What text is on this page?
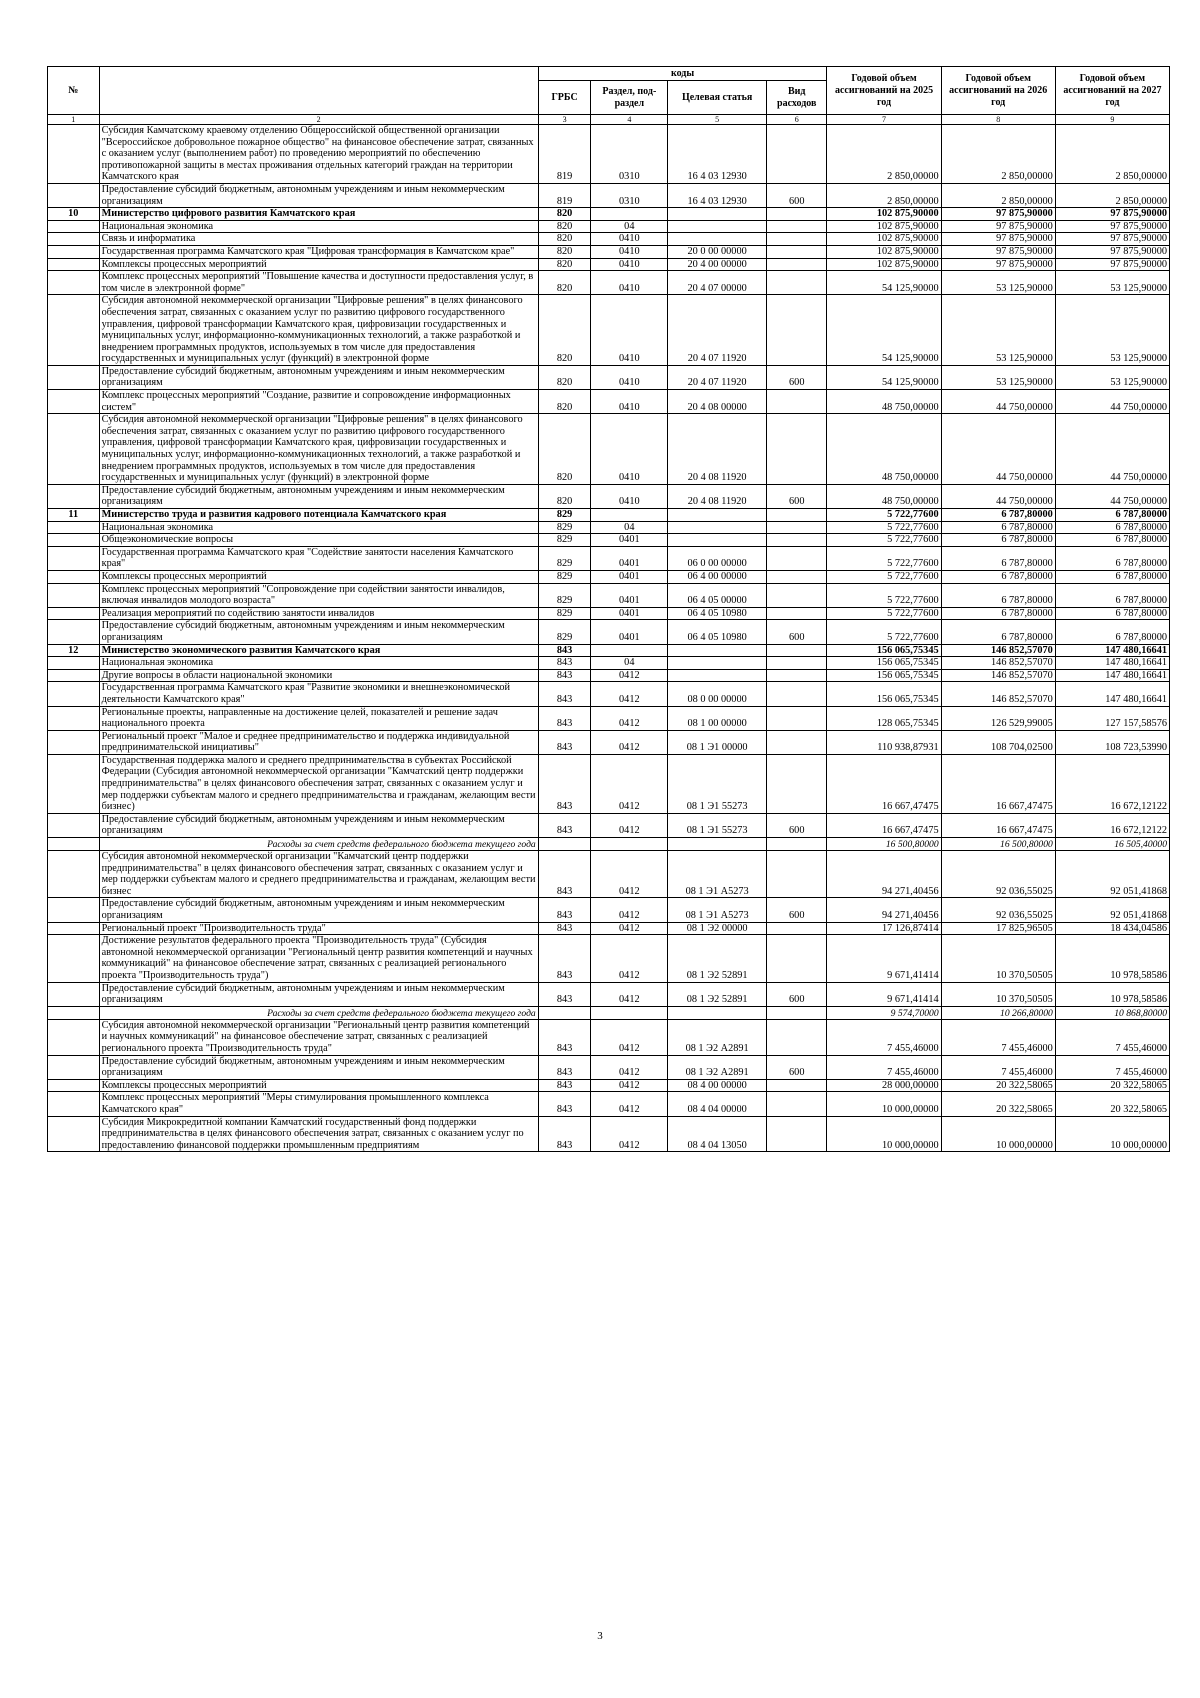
№		коды				Годовой объем ассигнований на 2025 год	Годовой объем ассигнований на 2026 год	Годовой объем ассигнований на 2027 год
		ГРБС	Раздел, под-раздел	Целевая статья	Вид расходов			
1	2	3	4	5	6	7	8	9
	Субсидия Камчатскому краевому отделению Общероссийской общественной организации "Всероссийское добровольное пожарное общество" на финансовое обеспечение затрат, связанных с оказанием услуг (выполнением работ) по проведению мероприятий по обеспечению противопожарной защиты в местах проживания отдельных категорий граждан на территории Камчатского края	819	0310	16 4 03 12930		2 850,00000	2 850,00000	2 850,00000
	Предоставление субсидий бюджетным, автономным учреждениям и иным некоммерческим организациям	819	0310	16 4 03 12930	600	2 850,00000	2 850,00000	2 850,00000
10	Министерство цифрового развития Камчатского края	820				102 875,90000	97 875,90000	97 875,90000
	Национальная экономика	820	04			102 875,90000	97 875,90000	97 875,90000
	Связь и информатика	820	0410			102 875,90000	97 875,90000	97 875,90000
	Государственная программа Камчатского края "Цифровая трансформация в Камчатском крае"	820	0410	20 0 00 00000		102 875,90000	97 875,90000	97 875,90000
	Комплексы процессных мероприятий	820	0410	20 4 00 00000		102 875,90000	97 875,90000	97 875,90000
	Комплекс процессных мероприятий "Повышение качества и доступности предоставления услуг, в том числе в электронной форме"	820	0410	20 4 07 00000		54 125,90000	53 125,90000	53 125,90000
	Субсидия автономной некоммерческой организации "Цифровые решения" в целях финансового обеспечения затрат, связанных с оказанием услуг по развитию цифрового государственного управления, цифровой трансформации Камчатского края, цифровизации государственных и муниципальных услуг, информационно-коммуникационных технологий, а также разработкой и внедрением программных продуктов, используемых в том числе для предоставления государственных и муниципальных услуг (функций) в электронной форме	820	0410	20 4 07 11920		54 125,90000	53 125,90000	53 125,90000
	Предоставление субсидий бюджетным, автономным учреждениям и иным некоммерческим организациям	820	0410	20 4 07 11920	600	54 125,90000	53 125,90000	53 125,90000
	Комплекс процессных мероприятий "Создание, развитие и сопровождение информационных систем"	820	0410	20 4 08 00000		48 750,00000	44 750,00000	44 750,00000
	Субсидия автономной некоммерческой организации "Цифровые решения" в целях финансового обеспечения затрат, связанных с оказанием услуг по развитию цифрового государственного управления, цифровой трансформации Камчатского края, цифровизации государственных и муниципальных услуг, информационно-коммуникационных технологий, а также разработкой и внедрением программных продуктов, используемых в том числе для предоставления государственных и муниципальных услуг (функций) в электронной форме	820	0410	20 4 08 11920		48 750,00000	44 750,00000	44 750,00000
	Предоставление субсидий бюджетным, автономным учреждениям и иным некоммерческим организациям	820	0410	20 4 08 11920	600	48 750,00000	44 750,00000	44 750,00000
11	Министерство труда и развития кадрового потенциала Камчатского края	829				5 722,77600	6 787,80000	6 787,80000
	Национальная экономика	829	04			5 722,77600	6 787,80000	6 787,80000
	Общеэкономические вопросы	829	0401			5 722,77600	6 787,80000	6 787,80000
	Государственная программа Камчатского края "Содействие занятости населения Камчатского края"	829	0401	06 0 00 00000		5 722,77600	6 787,80000	6 787,80000
	Комплексы процессных мероприятий	829	0401	06 4 00 00000		5 722,77600	6 787,80000	6 787,80000
	Комплекс процессных мероприятий "Сопровождение при содействии занятости инвалидов, включая инвалидов молодого возраста"	829	0401	06 4 05 00000		5 722,77600	6 787,80000	6 787,80000
	Реализация мероприятий по содействию занятости инвалидов	829	0401	06 4 05 10980		5 722,77600	6 787,80000	6 787,80000
	Предоставление субсидий бюджетным, автономным учреждениям и иным некоммерческим организациям	829	0401	06 4 05 10980	600	5 722,77600	6 787,80000	6 787,80000
12	Министерство экономического развития Камчатского края	843				156 065,75345	146 852,57070	147 480,16641
	Национальная экономика	843	04			156 065,75345	146 852,57070	147 480,16641
	Другие вопросы в области национальной экономики	843	0412			156 065,75345	146 852,57070	147 480,16641
	Государственная программа Камчатского края "Развитие экономики и внешнеэкономической деятельности Камчатского края"	843	0412	08 0 00 00000		156 065,75345	146 852,57070	147 480,16641
	Региональные проекты, направленные на достижение целей, показателей и решение задач национального проекта	843	0412	08 1 00 00000		128 065,75345	126 529,99005	127 157,58576
	Региональный проект "Малое и среднее предпринимательство и поддержка индивидуальной предпринимательской инициативы"	843	0412	08 1 Э1 00000		110 938,87931	108 704,02500	108 723,53990
	Государственная поддержка малого и среднего предпринимательства в субъектах Российской Федерации (Субсидия автономной некоммерческой организации "Камчатский центр поддержки предпринимательства" в целях финансового обеспечения затрат, связанных с оказанием услуг и мер поддержки субъектам малого и среднего предпринимательства и гражданам, желающим вести бизнес)	843	0412	08 1 Э1 55273		16 667,47475	16 667,47475	16 672,12122
	Предоставление субсидий бюджетным, автономным учреждениям и иным некоммерческим организациям	843	0412	08 1 Э1 55273	600	16 667,47475	16 667,47475	16 672,12122
	Расходы за счет средств федерального бюджета текущего года					16 500,80000	16 500,80000	16 505,40000
	Субсидия автономной некоммерческой организации "Камчатский центр поддержки предпринимательства" в целях финансового обеспечения затрат, связанных с оказанием услуг и мер поддержки субъектам малого и среднего предпринимательства и гражданам, желающим вести бизнес	843	0412	08 1 Э1 А5273		94 271,40456	92 036,55025	92 051,41868
	Предоставление субсидий бюджетным, автономным учреждениям и иным некоммерческим организациям	843	0412	08 1 Э1 А5273	600	94 271,40456	92 036,55025	92 051,41868
	Региональный проект "Производительность труда"	843	0412	08 1 Э2 00000		17 126,87414	17 825,96505	18 434,04586
	Достижение результатов федерального проекта "Производительность труда" (Субсидия автономной некоммерческой организации "Региональный центр развития компетенций и научных коммуникаций" на финансовое обеспечение затрат, связанных с реализацией регионального проекта "Производительность труда")	843	0412	08 1 Э2 52891		9 671,41414	10 370,50505	10 978,58586
	Предоставление субсидий бюджетным, автономным учреждениям и иным некоммерческим организациям	843	0412	08 1 Э2 52891	600	9 671,41414	10 370,50505	10 978,58586
	Расходы за счет средств федерального бюджета текущего года					9 574,70000	10 266,80000	10 868,80000
	Субсидия автономной некоммерческой организации "Региональный центр развития компетенций и научных коммуникаций" на финансовое обеспечение затрат, связанных с реализацией регионального проекта "Производительность труда"	843	0412	08 1 Э2 А2891		7 455,46000	7 455,46000	7 455,46000
	Предоставление субсидий бюджетным, автономным учреждениям и иным некоммерческим организациям	843	0412	08 1 Э2 А2891	600	7 455,46000	7 455,46000	7 455,46000
	Комплексы процессных мероприятий	843	0412	08 4 00 00000		28 000,00000	20 322,58065	20 322,58065
	Комплекс процессных мероприятий "Меры стимулирования промышленного комплекса Камчатского края"	843	0412	08 4 04 00000		10 000,00000	20 322,58065	20 322,58065
	Субсидия Микрокредитной компании Камчатский государственный фонд поддержки предпринимательства в целях финансового обеспечения затрат, связанных с оказанием услуг по предоставлению финансовой поддержки промышленным предприятиям	843	0412	08 4 04 13050		10 000,00000	10 000,00000	10 000,00000
3
